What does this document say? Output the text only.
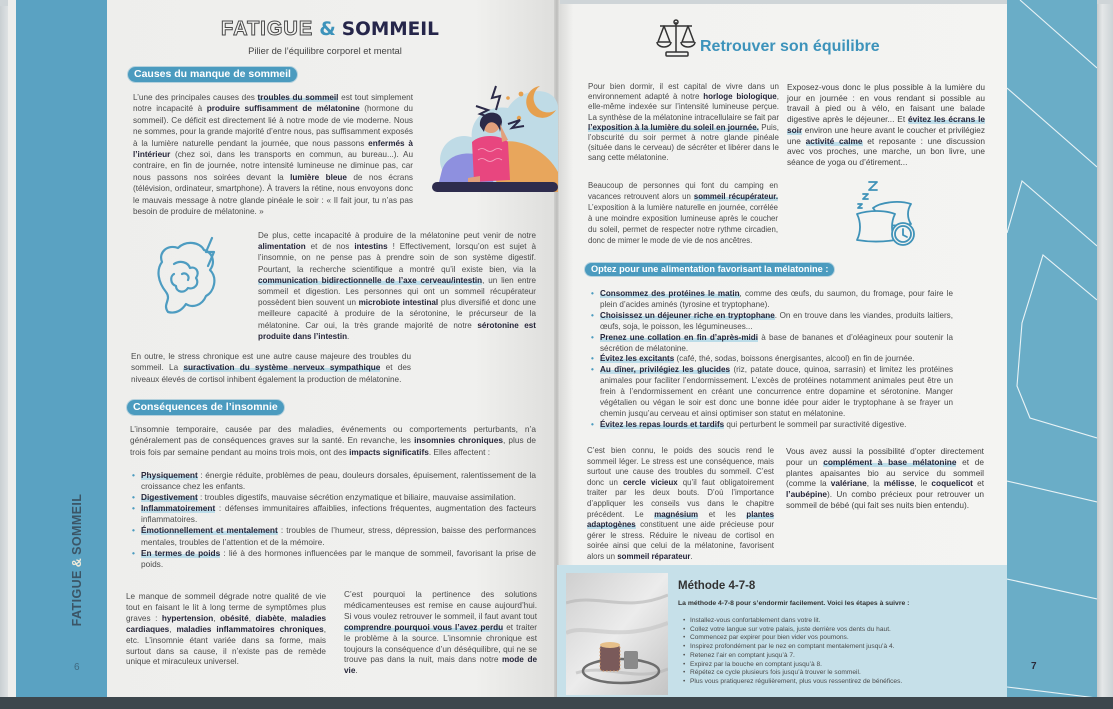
FATIGUE & SOMMEIL
Pilier de l’équilibre corporel et mental
Causes du manque de sommeil
L’une des principales causes des troubles du sommeil est tout simplement notre incapacité à produire suffisamment de mélatonine (hormone du sommeil). Ce déficit est directement lié à notre mode de vie moderne. Nous ne sommes, pour la grande majorité d’entre nous, pas suffisamment exposés à la lumière naturelle pendant la journée, que nous passons enfermés à l’intérieur (chez soi, dans les transports en commun, au bureau...). Au contraire, en fin de journée, notre intensité lumineuse ne diminue pas, car nous passons nos soirées devant la lumière bleue de nos écrans (télévision, ordinateur, smartphone). À travers la rétine, nous envoyons donc le mauvais message à notre glande pinéale le soir : « Il fait jour, tu n’as pas besoin de produire de mélatonine. »
De plus, cette incapacité à produire de la mélatonine peut venir de notre alimentation et de nos intestins ! Effectivement, lorsqu’on est sujet à l’insomnie, on ne pense pas à prendre soin de son système digestif. Pourtant, la recherche scientifique a montré qu’il existe bien, via la communication bidirectionnelle de l’axe cerveau/intestin, un lien entre sommeil et digestion. Les personnes qui ont un sommeil récupérateur possèdent bien souvent un microbiote intestinal plus diversifié et donc une meilleure capacité à produire de la sérotonine, le précurseur de la mélatonine. Car oui, la très grande majorité de notre sérotonine est produite dans l’intestin.
En outre, le stress chronique est une autre cause majeure des troubles du sommeil. La suractivation du système nerveux sympathique et des niveaux élevés de cortisol inhibent également la production de mélatonine.
Conséquences de l’insomnie
L’insomnie temporaire, causée par des maladies, événements ou comportements perturbants, n’a généralement pas de conséquences graves sur la santé. En revanche, les insomnies chroniques, plus de trois fois par semaine pendant au moins trois mois, ont des impacts significatifs. Elles affectent :
• Physiquement : énergie réduite, problèmes de peau, douleurs dorsales, épuisement, ralentissement de la croissance chez les enfants.
• Digestivement : troubles digestifs, mauvaise sécrétion enzymatique et biliaire, mauvaise assimilation.
• Inflammatoirement : défenses immunitaires affaiblies, infections fréquentes, augmentation des facteurs inflammatoires.
• Émotionnellement et mentalement : troubles de l’humeur, stress, dépression, baisse des performances mentales, troubles de l’attention et de la mémoire.
• En termes de poids : lié à des hormones influencées par le manque de sommeil, favorisant la prise de poids.
Le manque de sommeil dégrade notre qualité de vie tout en faisant le lit à long terme de symptômes plus graves : hypertension, obésité, diabète, maladies cardiaques, maladies inflammatoires chroniques, etc. L’insomnie étant variée dans sa forme, mais surtout dans sa cause, il n’existe pas de remède unique et miraculeux universel.
C’est pourquoi la pertinence des solutions médicamenteuses est remise en cause aujourd’hui. Si vous voulez retrouver le sommeil, il faut avant tout comprendre pourquoi vous l’avez perdu et traiter le problème à la source. L’insomnie chronique est toujours la conséquence d’un déséquilibre, qui ne se trouve pas dans la nuit, mais dans notre mode de vie.
FATIGUE&SOMMEIL
6
Retrouver son équilibre
Pour bien dormir, il est capital de vivre dans un environnement adapté à notre horloge biologique, elle-même indexée sur l’intensité lumineuse perçue. La synthèse de la mélatonine intracellulaire se fait par l’exposition à la lumière du soleil en journée. Puis, l’obscurité du soir permet à notre glande pinéale (située dans le cerveau) de sécréter et libérer dans le sang cette mélatonine.
Exposez-vous donc le plus possible à la lumière du jour en journée : en vous rendant si possible au travail à pied ou à vélo, en faisant une balade digestive après le déjeuner... Et évitez les écrans le soir environ une heure avant le coucher et privilégiez une activité calme et reposante : une discussion avec vos proches, une marche, un bon livre, une séance de yoga ou d’étirement...
Beaucoup de personnes qui font du camping en vacances retrouvent alors un sommeil récupérateur. L’exposition à la lumière naturelle en journée, corrélée à une moindre exposition lumineuse après le coucher du soleil, permet de respecter notre rythme circadien, donc de mimer le mode de vie de nos ancêtres.
Optez pour une alimentation favorisant la mélatonine :
• Consommez des protéines le matin, comme des œufs, du saumon, du fromage, pour faire le plein d’acides aminés (tyrosine et tryptophane).
• Choisissez un déjeuner riche en tryptophane. On en trouve dans les viandes, produits laitiers, œufs, soja, le poisson, les légumineuses...
• Prenez une collation en fin d’après-midi à base de bananes et d’oléagineux pour soutenir la sécrétion de mélatonine.
• Évitez les excitants (café, thé, sodas, boissons énergisantes, alcool) en fin de journée.
• Au dîner, privilégiez les glucides (riz, patate douce, quinoa, sarrasin) et limitez les protéines animales pour faciliter l’endormissement. L’excès de protéines notamment animales peut être un frein à l’endormissement en créant une concurrence entre dopamine et sérotonine. Manger végétalien ou végan le soir est donc une bonne idée pour aider le tryptophane à se frayer un chemin jusqu’au cerveau et ainsi optimiser son statut en mélatonine.
• Évitez les repas lourds et tardifs qui perturbent le sommeil par suractivité digestive.
C’est bien connu, le poids des soucis rend le sommeil léger. Le stress est une conséquence, mais surtout une cause des troubles du sommeil. C’est donc un cercle vicieux qu’il faut obligatoirement traiter par les deux bouts. D’où l’importance d’appliquer les conseils vus dans le chapitre précédent. Le magnésium et les plantes adaptogènes constituent une aide précieuse pour gérer le stress. Réduire le niveau de cortisol en soirée ainsi que celui de la mélatonine, favorisent alors un sommeil réparateur.
Vous avez aussi la possibilité d’opter directement pour un complément à base mélatonine et de plantes apaisantes bio au service du sommeil (comme la valériane, la mélisse, le coquelicot et l’aubépine). Un combo précieux pour retrouver un sommeil de bébé (qui fait ses nuits bien entendu).
Méthode 4-7-8
La méthode 4-7-8 pour s’endormir facilement. Voici les étapes à suivre :
• Installez-vous confortablement dans votre lit.
• Collez votre langue sur votre palais, juste derrière vos dents du haut.
• Commencez par expirer pour bien vider vos poumons.
• Inspirez profondément par le nez en comptant mentalement jusqu’à 4.
• Retenez l’air en comptant jusqu’à 7.
• Expirez par la bouche en comptant jusqu’à 8.
• Répétez ce cycle plusieurs fois jusqu’à trouver le sommeil.
• Plus vous pratiquerez régulièrement, plus vous ressentirez de bénéfices.
7
